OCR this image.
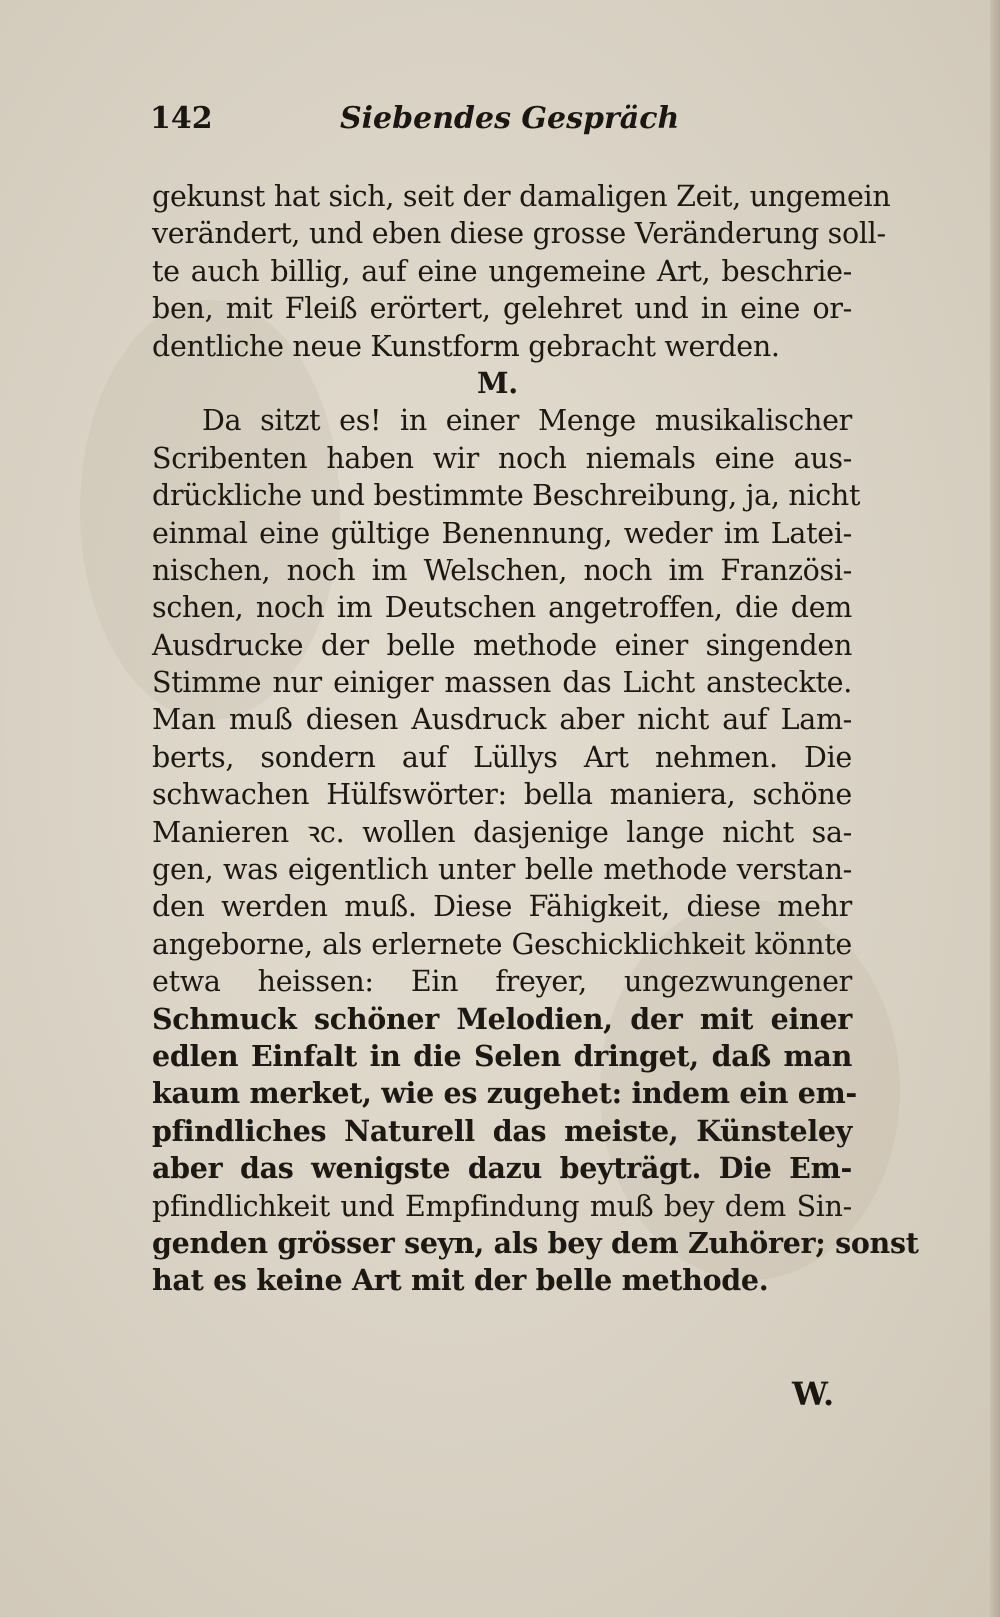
142	Siebendes Gespräch
gekunst hat sich, seit der damaligen Zeit, ungemein
verändert, und eben diese grosse Veränderung soll-
te auch billig, auf eine ungemeine Art, beschrie-
ben, mit Fleiß erörtert, gelehret und in eine or-
dentliche neue Kunstform gebracht werden.
M.
Da sitzt es! in einer Menge musikalischer
Scribenten haben wir noch niemals eine aus-
drückliche und bestimmte Beschreibung, ja, nicht
einmal eine gültige Benennung, weder im Latei-
nischen, noch im Welschen, noch im Französi-
schen, noch im Deutschen angetroffen, die dem
Ausdrucke der belle methode einer singenden
Stimme nur einiger massen das Licht ansteckte.
Man muß diesen Ausdruck aber nicht auf Lam-
berts, sondern auf Lüllys Art nehmen. Die
schwachen Hülfswörter: bella maniera, schöne
Manieren ꝛc. wollen dasjenige lange nicht sa-
gen, was eigentlich unter belle methode verstan-
den werden muß. Diese Fähigkeit, diese mehr
angeborne, als erlernete Geschicklichkeit könnte
etwa heissen: Ein freyer, ungezwungener
Schmuck schöner Melodien, der mit einer
edlen Einfalt in die Selen dringet, daß man
kaum merket, wie es zugehet: indem ein em-
pfindliches Naturell das meiste, Künsteley
aber das wenigste dazu beyträgt. Die Em-
pfindlichkeit und Empfindung muß bey dem Sin-
genden grösser seyn, als bey dem Zuhörer; sonst
hat es keine Art mit der belle methode.
W.
